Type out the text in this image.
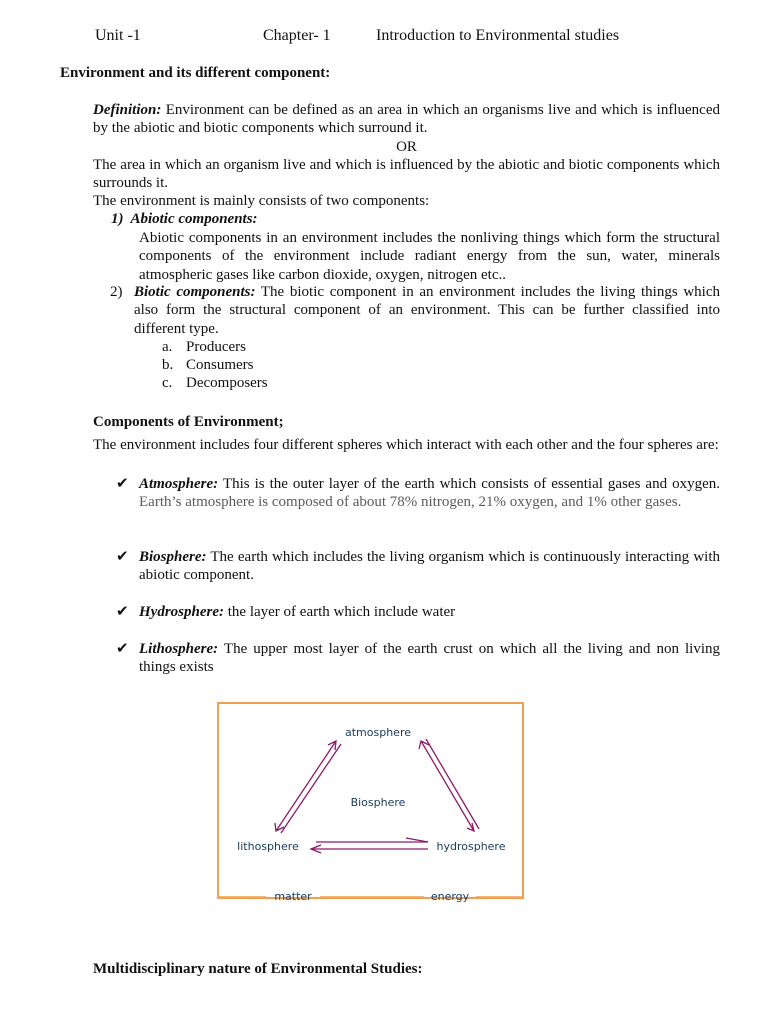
Unit -1	Chapter- 1	Introduction to Environmental studies
Environment and its different component:
Definition: Environment can be defined as an area in which an organisms live and which is influenced by the abiotic and biotic components which surround it.
OR
The area in which an organism live and which is influenced by the abiotic and biotic components which surrounds it.
The environment is mainly consists of two components:
1) Abiotic components:
Abiotic components in an environment includes the nonliving things which form the structural components of the environment include radiant energy from the sun, water, minerals atmospheric gases like carbon dioxide, oxygen, nitrogen etc..
2) Biotic components: The biotic component in an environment includes the living things which also form the structural component of an environment. This can be further classified into different type.
a. Producers
b. Consumers
c. Decomposers
Components of Environment;
The environment includes four different spheres which interact with each other and the four spheres are:
✔ Atmosphere: This is the outer layer of the earth which consists of essential gases and oxygen. Earth’s atmosphere is composed of about 78% nitrogen, 21% oxygen, and 1% other gases.
✔ Biosphere: The earth which includes the living organism which is continuously interacting with abiotic component.
✔ Hydrosphere: the layer of earth which include water
✔ Lithosphere: The upper most layer of the earth crust on which all the living and non living things exists
atmosphere
Biosphere
lithosphere	hydrosphere
matter	energy
Multidisciplinary nature of Environmental Studies:
